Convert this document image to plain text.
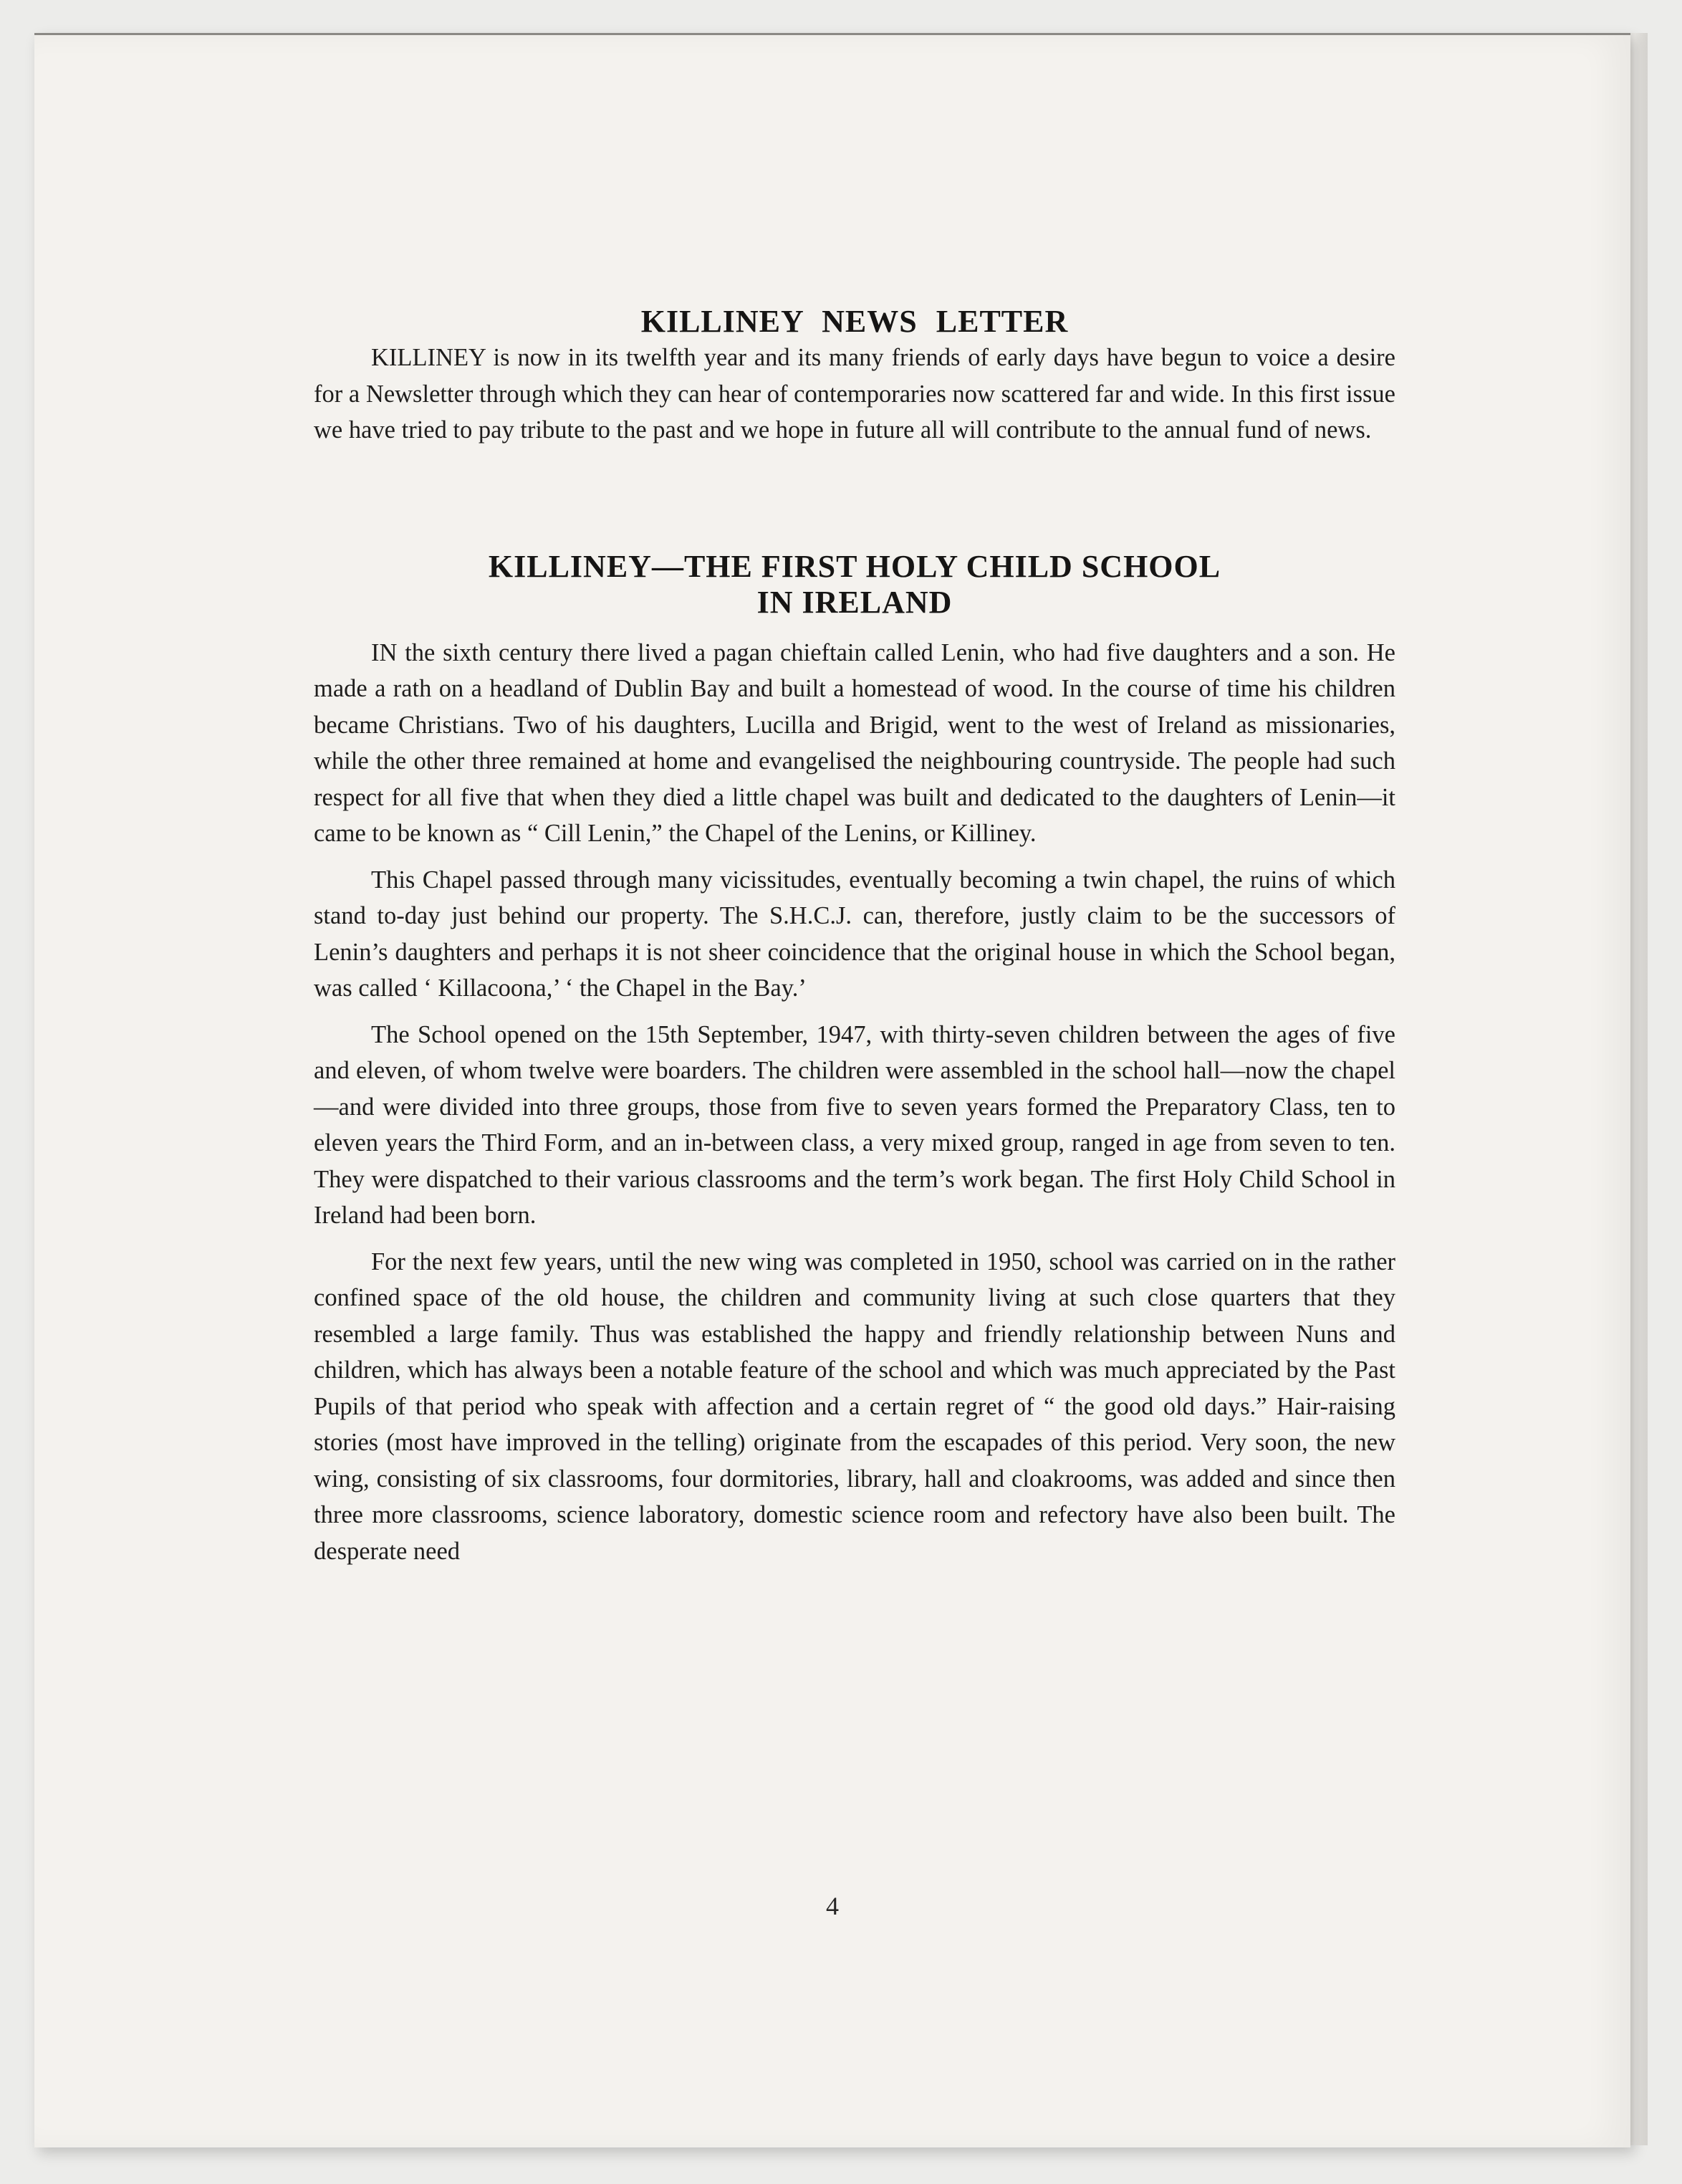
KILLINEY NEWS LETTER

KILLINEY is now in its twelfth year and its many friends of early days have begun to voice a desire for a Newsletter through which they can hear of contemporaries now scattered far and wide. In this first issue we have tried to pay tribute to the past and we hope in future all will contribute to the annual fund of news.

KILLINEY—THE FIRST HOLY CHILD SCHOOL
IN IRELAND

IN the sixth century there lived a pagan chieftain called Lenin, who had five daughters and a son. He made a rath on a headland of Dublin Bay and built a homestead of wood. In the course of time his children became Christians. Two of his daughters, Lucilla and Brigid, went to the west of Ireland as missionaries, while the other three remained at home and evangelised the neighbouring countryside. The people had such respect for all five that when they died a little chapel was built and dedicated to the daughters of Lenin—it came to be known as “ Cill Lenin,” the Chapel of the Lenins, or Killiney.

This Chapel passed through many vicissitudes, eventually becoming a twin chapel, the ruins of which stand to-day just behind our property. The S.H.C.J. can, therefore, justly claim to be the successors of Lenin’s daughters and perhaps it is not sheer coincidence that the original house in which the School began, was called ‘ Killacoona,’ ‘ the Chapel in the Bay.’

The School opened on the 15th September, 1947, with thirty-seven children between the ages of five and eleven, of whom twelve were boarders. The children were assembled in the school hall—now the chapel—and were divided into three groups, those from five to seven years formed the Preparatory Class, ten to eleven years the Third Form, and an in-between class, a very mixed group, ranged in age from seven to ten. They were dispatched to their various classrooms and the term’s work began. The first Holy Child School in Ireland had been born.

For the next few years, until the new wing was completed in 1950, school was carried on in the rather confined space of the old house, the children and community living at such close quarters that they resembled a large family. Thus was established the happy and friendly relationship between Nuns and children, which has always been a notable feature of the school and which was much appreciated by the Past Pupils of that period who speak with affection and a certain regret of “ the good old days.” Hair-raising stories (most have improved in the telling) originate from the escapades of this period. Very soon, the new wing, consisting of six classrooms, four dormitories, library, hall and cloakrooms, was added and since then three more classrooms, science laboratory, domestic science room and refectory have also been built. The desperate need

4
